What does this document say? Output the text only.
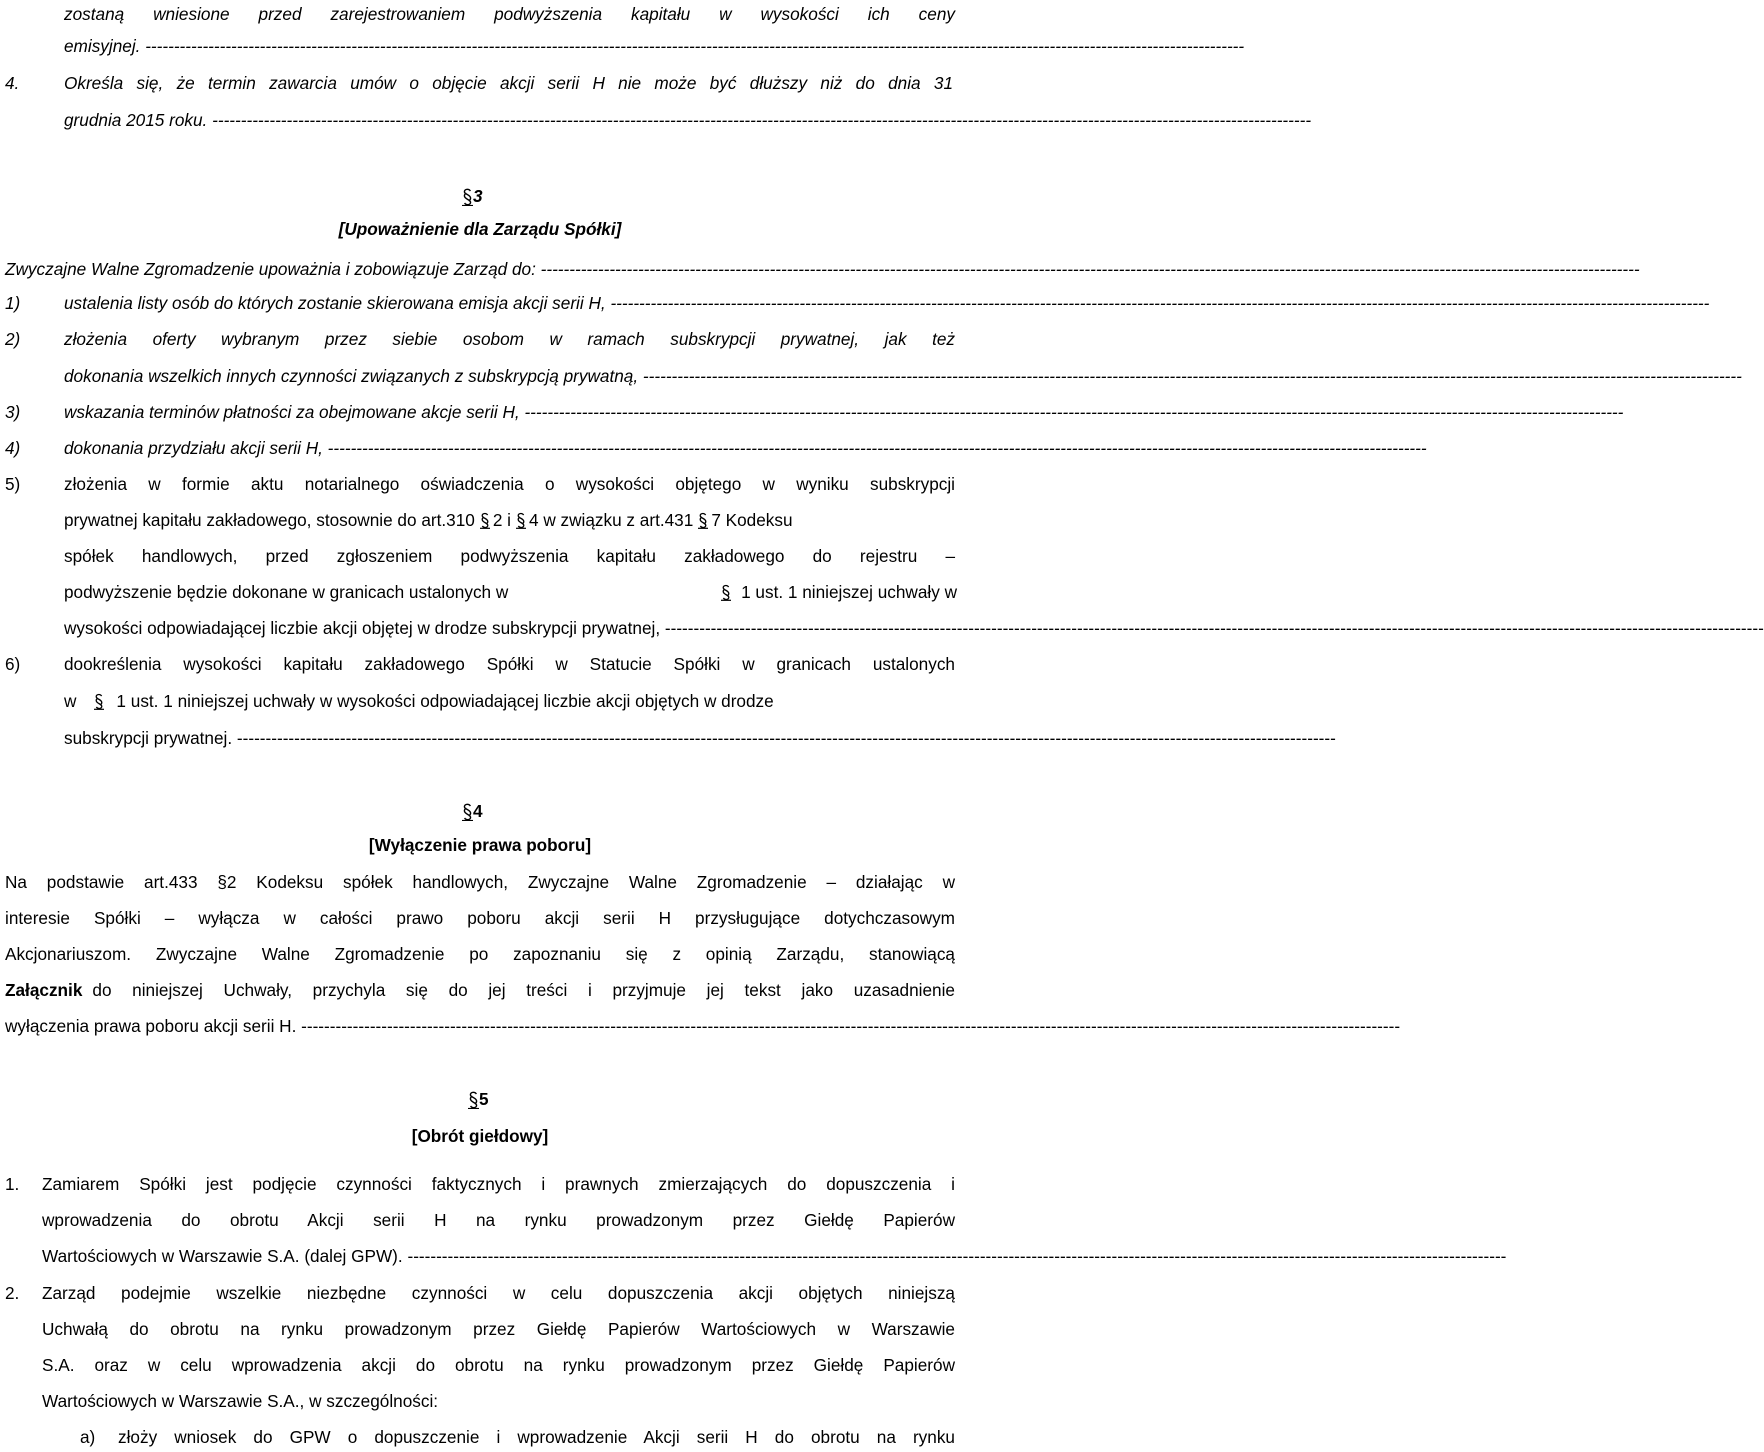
zostaną wniesione przed zarejestrowaniem podwyższenia kapitału w wysokości ich ceny
emisyjnej. ------------------------------------------------------------------------------------------------------------------------------------------------------------------------------------------------
4.	Określa się, że termin zawarcia umów o objęcie akcji serii H nie może być dłuższy niż do dnia 31
grudnia 2015 roku. ------------------------------------------------------------------------------------------------------------------------------------------------------------------------------------------------
3
[Upoważnienie dla Zarządu Spółki]
Zwyczajne Walne Zgromadzenie upoważnia i zobowiązuje Zarząd do: ------------------------------------------------------------------------------------------------------------------------------------------------------------------------------------------------
1)	ustalenia listy osób do których zostanie skierowana emisja akcji serii H, ------------------------------------------------------------------------------------------------------------------------------------------------------------------------------------------------
2)	złożenia oferty wybranym przez siebie osobom w ramach subskrypcji prywatnej, jak też
dokonania wszelkich innych czynności związanych z subskrypcją prywatną, ------------------------------------------------------------------------------------------------------------------------------------------------------------------------------------------------
3)	wskazania terminów płatności za obejmowane akcje serii H, ------------------------------------------------------------------------------------------------------------------------------------------------------------------------------------------------
4)	dokonania przydziału akcji serii H, ------------------------------------------------------------------------------------------------------------------------------------------------------------------------------------------------
5)	złożenia w formie aktu notarialnego oświadczenia o wysokości objętego w wyniku subskrypcji
prywatnej kapitału zakładowego, stosownie do art.310 2 i 4 w związku z art.431 7 Kodeksu
spółek handlowych, przed zgłoszeniem podwyższenia kapitału zakładowego do rejestru –
podwyższenie będzie dokonane w granicach ustalonych w	1 ust. 1 niniejszej uchwały w
wysokości odpowiadającej liczbie akcji objętej w drodze subskrypcji prywatnej, ------------------------------------------------------------------------------------------------------------------------------------------------------------------------------------------------
6)	dookreślenia wysokości kapitału zakładowego Spółki w Statucie Spółki w granicach ustalonych
w 1 ust. 1 niniejszej uchwały w wysokości odpowiadającej liczbie akcji objętych w drodze
subskrypcji prywatnej. ------------------------------------------------------------------------------------------------------------------------------------------------------------------------------------------------
4
[Wyłączenie prawa poboru]
Na podstawie art.433 §2 Kodeksu spółek handlowych, Zwyczajne Walne Zgromadzenie – działając w
interesie Spółki – wyłącza w całości prawo poboru akcji serii H przysługujące dotychczasowym
Akcjonariuszom. Zwyczajne Walne Zgromadzenie po zapoznaniu się z opinią Zarządu, stanowiącą
Załącznik do niniejszej Uchwały, przychyla się do jej treści i przyjmuje jej tekst jako uzasadnienie
wyłączenia prawa poboru akcji serii H. ------------------------------------------------------------------------------------------------------------------------------------------------------------------------------------------------
5
[Obrót giełdowy]
1.	Zamiarem Spółki jest podjęcie czynności faktycznych i prawnych zmierzających do dopuszczenia i
wprowadzenia do obrotu Akcji serii H na rynku prowadzonym przez Giełdę Papierów
Wartościowych w Warszawie S.A. (dalej GPW). ------------------------------------------------------------------------------------------------------------------------------------------------------------------------------------------------
2.	Zarząd podejmie wszelkie niezbędne czynności w celu dopuszczenia akcji objętych niniejszą
Uchwałą do obrotu na rynku prowadzonym przez Giełdę Papierów Wartościowych w Warszawie
S.A. oraz w celu wprowadzenia akcji do obrotu na rynku prowadzonym przez Giełdę Papierów
Wartościowych w Warszawie S.A., w szczególności:
a)	złoży wniosek do GPW o dopuszczenie i wprowadzenie Akcji serii H do obrotu na rynku
